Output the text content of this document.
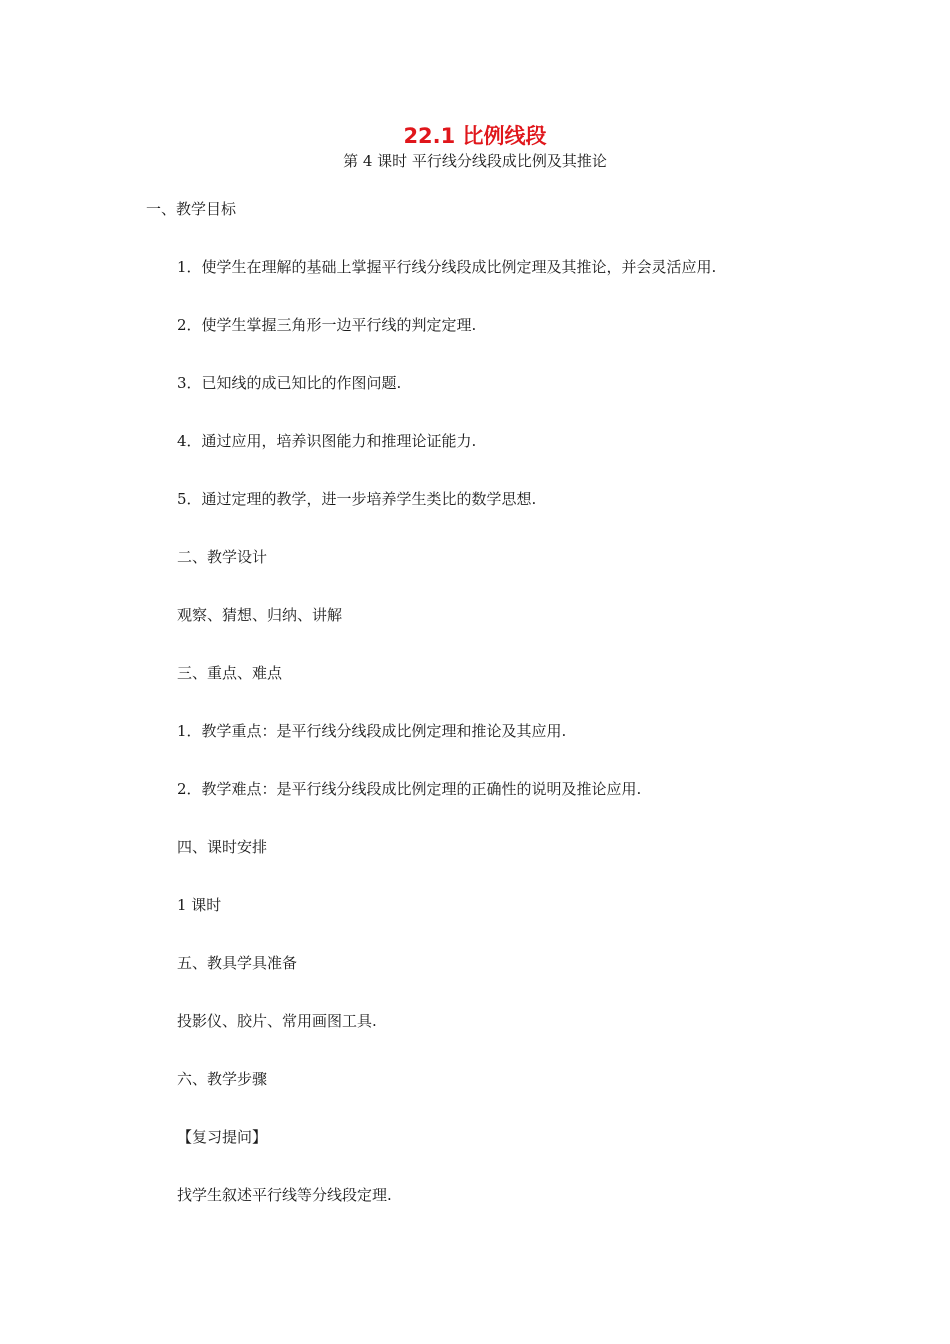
22.1 比例线段
第 4 课时 平行线分线段成比例及其推论
一、教学目标
1．使学生在理解的基础上掌握平行线分线段成比例定理及其推论，并会灵活应用.
2．使学生掌握三角形一边平行线的判定定理.
3．已知线的成已知比的作图问题.
4．通过应用，培养识图能力和推理论证能力.
5．通过定理的教学，进一步培养学生类比的数学思想.
二、教学设计
观察、猜想、归纳、讲解
三、重点、难点
1．教学重点：是平行线分线段成比例定理和推论及其应用.
2．教学难点：是平行线分线段成比例定理的正确性的说明及推论应用.
四、课时安排
1 课时
五、教具学具准备
投影仪、胶片、常用画图工具.
六、教学步骤
【复习提问】
找学生叙述平行线等分线段定理.
